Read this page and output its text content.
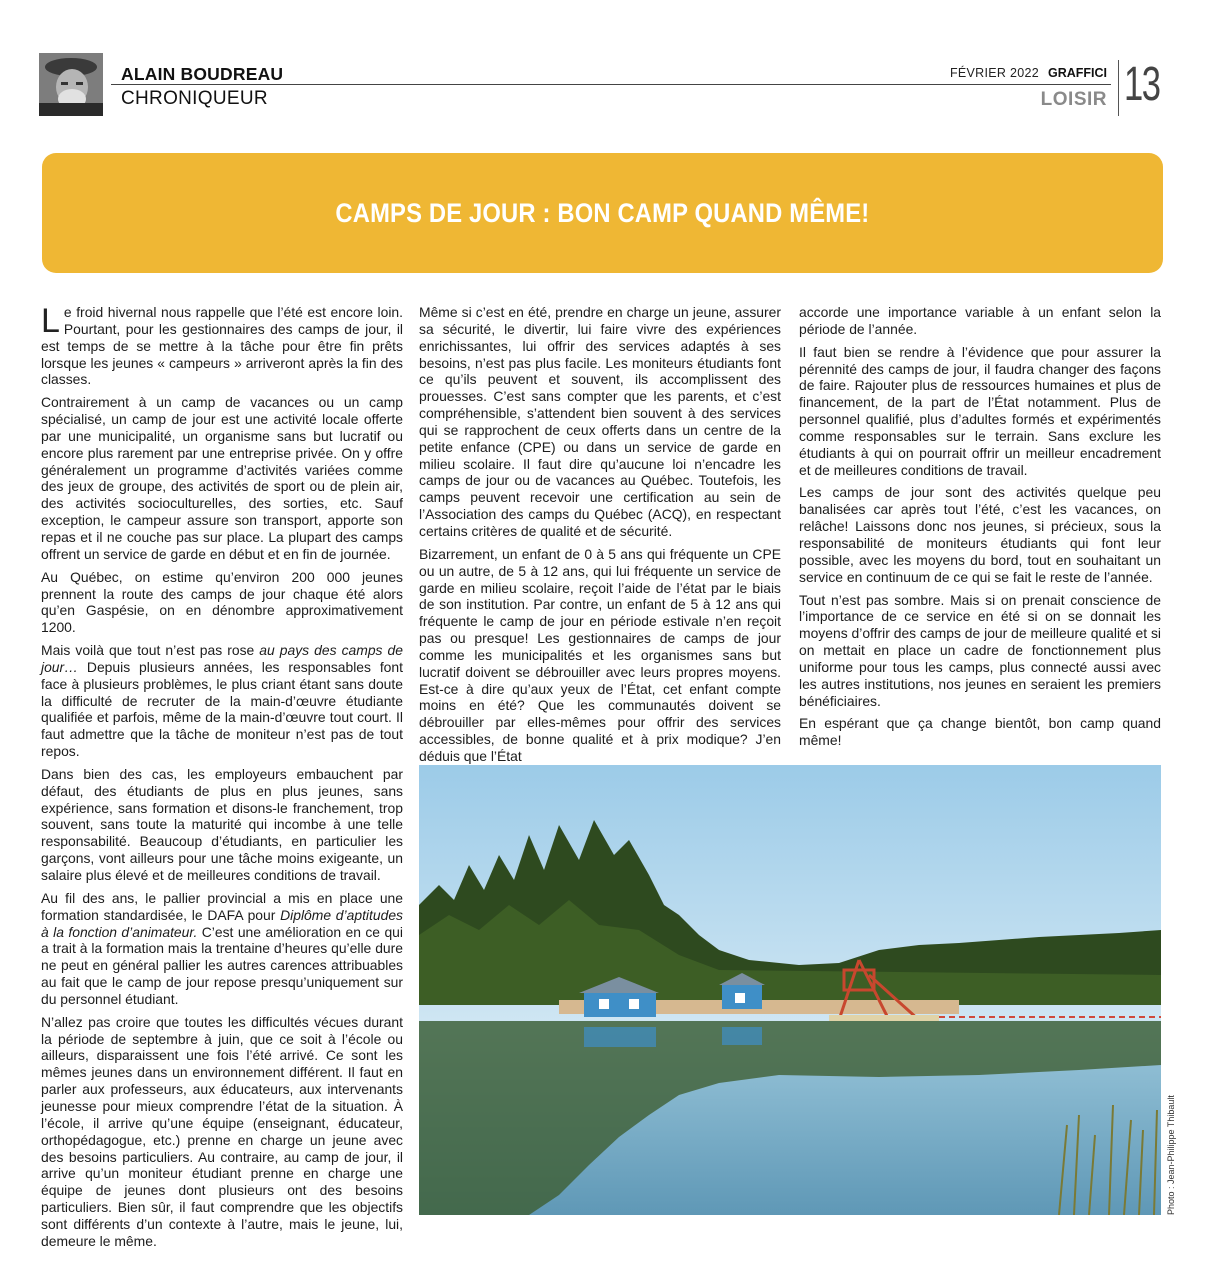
ALAIN BOUDREAU
CHRONIQUEUR
FÉVRIER 2022 GRAFFICI
LOISIR 13
CAMPS DE JOUR : BON CAMP QUAND MÊME!

Le froid hivernal nous rappelle que l’été est encore loin. Pourtant, pour les gestionnaires des camps de jour, il est temps de se mettre à la tâche pour être fin prêts lorsque les jeunes « campeurs » arriveront après la fin des classes.

Contrairement à un camp de vacances ou un camp spécialisé, un camp de jour est une activité locale offerte par une municipalité, un organisme sans but lucratif ou encore plus rarement par une entreprise privée. On y offre généralement un programme d’activités variées comme des jeux de groupe, des activités de sport ou de plein air, des activités socioculturelles, des sorties, etc. Sauf exception, le campeur assure son transport, apporte son repas et il ne couche pas sur place. La plupart des camps offrent un service de garde en début et en fin de journée.

Au Québec, on estime qu’environ 200 000 jeunes prennent la route des camps de jour chaque été alors qu’en Gaspésie, on en dénombre approximativement 1200.

Mais voilà que tout n’est pas rose au pays des camps de jour… Depuis plusieurs années, les responsables font face à plusieurs problèmes, le plus criant étant sans doute la difficulté de recruter de la main-d’œuvre étudiante qualifiée et parfois, même de la main-d’œuvre tout court. Il faut admettre que la tâche de moniteur n’est pas de tout repos.

Dans bien des cas, les employeurs embauchent par défaut, des étudiants de plus en plus jeunes, sans expérience, sans formation et disons-le franchement, trop souvent, sans toute la maturité qui incombe à une telle responsabilité. Beaucoup d’étudiants, en particulier les garçons, vont ailleurs pour une tâche moins exigeante, un salaire plus élevé et de meilleures conditions de travail.

Au fil des ans, le pallier provincial a mis en place une formation standardisée, le DAFA pour Diplôme d’aptitudes à la fonction d’animateur. C’est une amélioration en ce qui a trait à la formation mais la trentaine d’heures qu’elle dure ne peut en général pallier les autres carences attribuables au fait que le camp de jour repose presqu’uniquement sur du personnel étudiant.

N’allez pas croire que toutes les difficultés vécues durant la période de septembre à juin, que ce soit à l’école ou ailleurs, disparaissent une fois l’été arrivé. Ce sont les mêmes jeunes dans un environnement différent. Il faut en parler aux professeurs, aux éducateurs, aux intervenants jeunesse pour mieux comprendre l’état de la situation. À l’école, il arrive qu’une équipe (enseignant, éducateur, orthopédagogue, etc.) prenne en charge un jeune avec des besoins particuliers. Au contraire, au camp de jour, il arrive qu’un moniteur étudiant prenne en charge une équipe de jeunes dont plusieurs ont des besoins particuliers. Bien sûr, il faut comprendre que les objectifs sont différents d’un contexte à l’autre, mais le jeune, lui, demeure le même.

Même si c’est en été, prendre en charge un jeune, assurer sa sécurité, le divertir, lui faire vivre des expériences enrichissantes, lui offrir des services adaptés à ses besoins, n’est pas plus facile. Les moniteurs étudiants font ce qu’ils peuvent et souvent, ils accomplissent des prouesses. C’est sans compter que les parents, et c’est compréhensible, s’attendent bien souvent à des services qui se rapprochent de ceux offerts dans un centre de la petite enfance (CPE) ou dans un service de garde en milieu scolaire. Il faut dire qu’aucune loi n’encadre les camps de jour ou de vacances au Québec. Toutefois, les camps peuvent recevoir une certification au sein de l’Association des camps du Québec (ACQ), en respectant certains critères de qualité et de sécurité.

Bizarrement, un enfant de 0 à 5 ans qui fréquente un CPE ou un autre, de 5 à 12 ans, qui lui fréquente un service de garde en milieu scolaire, reçoit l’aide de l’état par le biais de son institution. Par contre, un enfant de 5 à 12 ans qui fréquente le camp de jour en période estivale n’en reçoit pas ou presque! Les gestionnaires de camps de jour comme les municipalités et les organismes sans but lucratif doivent se débrouiller avec leurs propres moyens. Est-ce à dire qu’aux yeux de l’État, cet enfant compte moins en été? Que les communautés doivent se débrouiller par elles-mêmes pour offrir des services accessibles, de bonne qualité et à prix modique? J’en déduis que l’État

accorde une importance variable à un enfant selon la période de l’année.

Il faut bien se rendre à l’évidence que pour assurer la pérennité des camps de jour, il faudra changer des façons de faire. Rajouter plus de ressources humaines et plus de financement, de la part de l’État notamment. Plus de personnel qualifié, plus d’adultes formés et expérimentés comme responsables sur le terrain. Sans exclure les étudiants à qui on pourrait offrir un meilleur encadrement et de meilleures conditions de travail.

Les camps de jour sont des activités quelque peu banalisées car après tout l’été, c’est les vacances, on relâche! Laissons donc nos jeunes, si précieux, sous la responsabilité de moniteurs étudiants qui font leur possible, avec les moyens du bord, tout en souhaitant un service en continuum de ce qui se fait le reste de l’année.

Tout n’est pas sombre. Mais si on prenait conscience de l’importance de ce service en été si on se donnait les moyens d’offrir des camps de jour de meilleure qualité et si on mettait en place un cadre de fonctionnement plus uniforme pour tous les camps, plus connecté aussi avec les autres institutions, nos jeunes en seraient les premiers bénéficiaires.

En espérant que ça change bientôt, bon camp quand même!

Photo : Jean-Philippe Thibault
